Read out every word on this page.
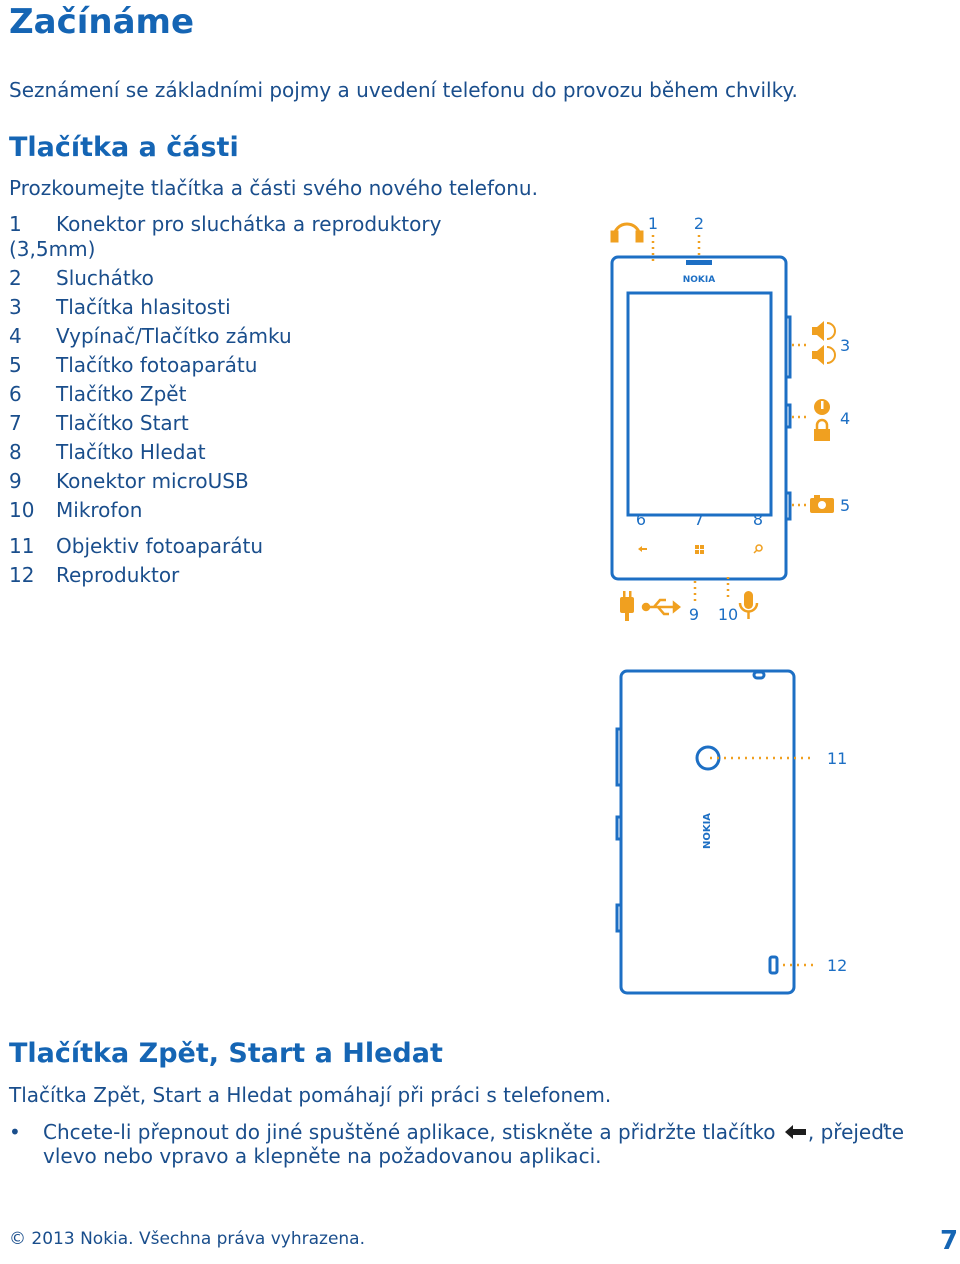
Začínáme
Seznámení se základními pojmy a uvedení telefonu do provozu během chvilky.
Tlačítka a části
Prozkoumejte tlačítka a části svého nového telefonu.
1 Konektor pro sluchátka a reproduktory
(3,5mm)
2 Sluchátko
3 Tlačítka hlasitosti
4 Vypínač/Tlačítko zámku
5 Tlačítko fotoaparátu
6 Tlačítko Zpět
7 Tlačítko Start
8 Tlačítko Hledat
9 Konektor microUSB
10 Mikrofon
11 Objektiv fotoaparátu
12 Reproduktor
NOKIA
1 2
3
4
5
6	7	8
9 10
NOKIA
11
12
Tlačítka Zpět, Start a Hledat
Tlačítka Zpět, Start a Hledat pomáhají při práci s telefonem.
• Chcete-li přepnout do jiné spuštěné aplikace, stiskněte a přidržte tlačítko , přejeďte vlevo nebo vpravo a klepněte na požadovanou aplikaci.
© 2013 Nokia. Všechna práva vyhrazena.	7
